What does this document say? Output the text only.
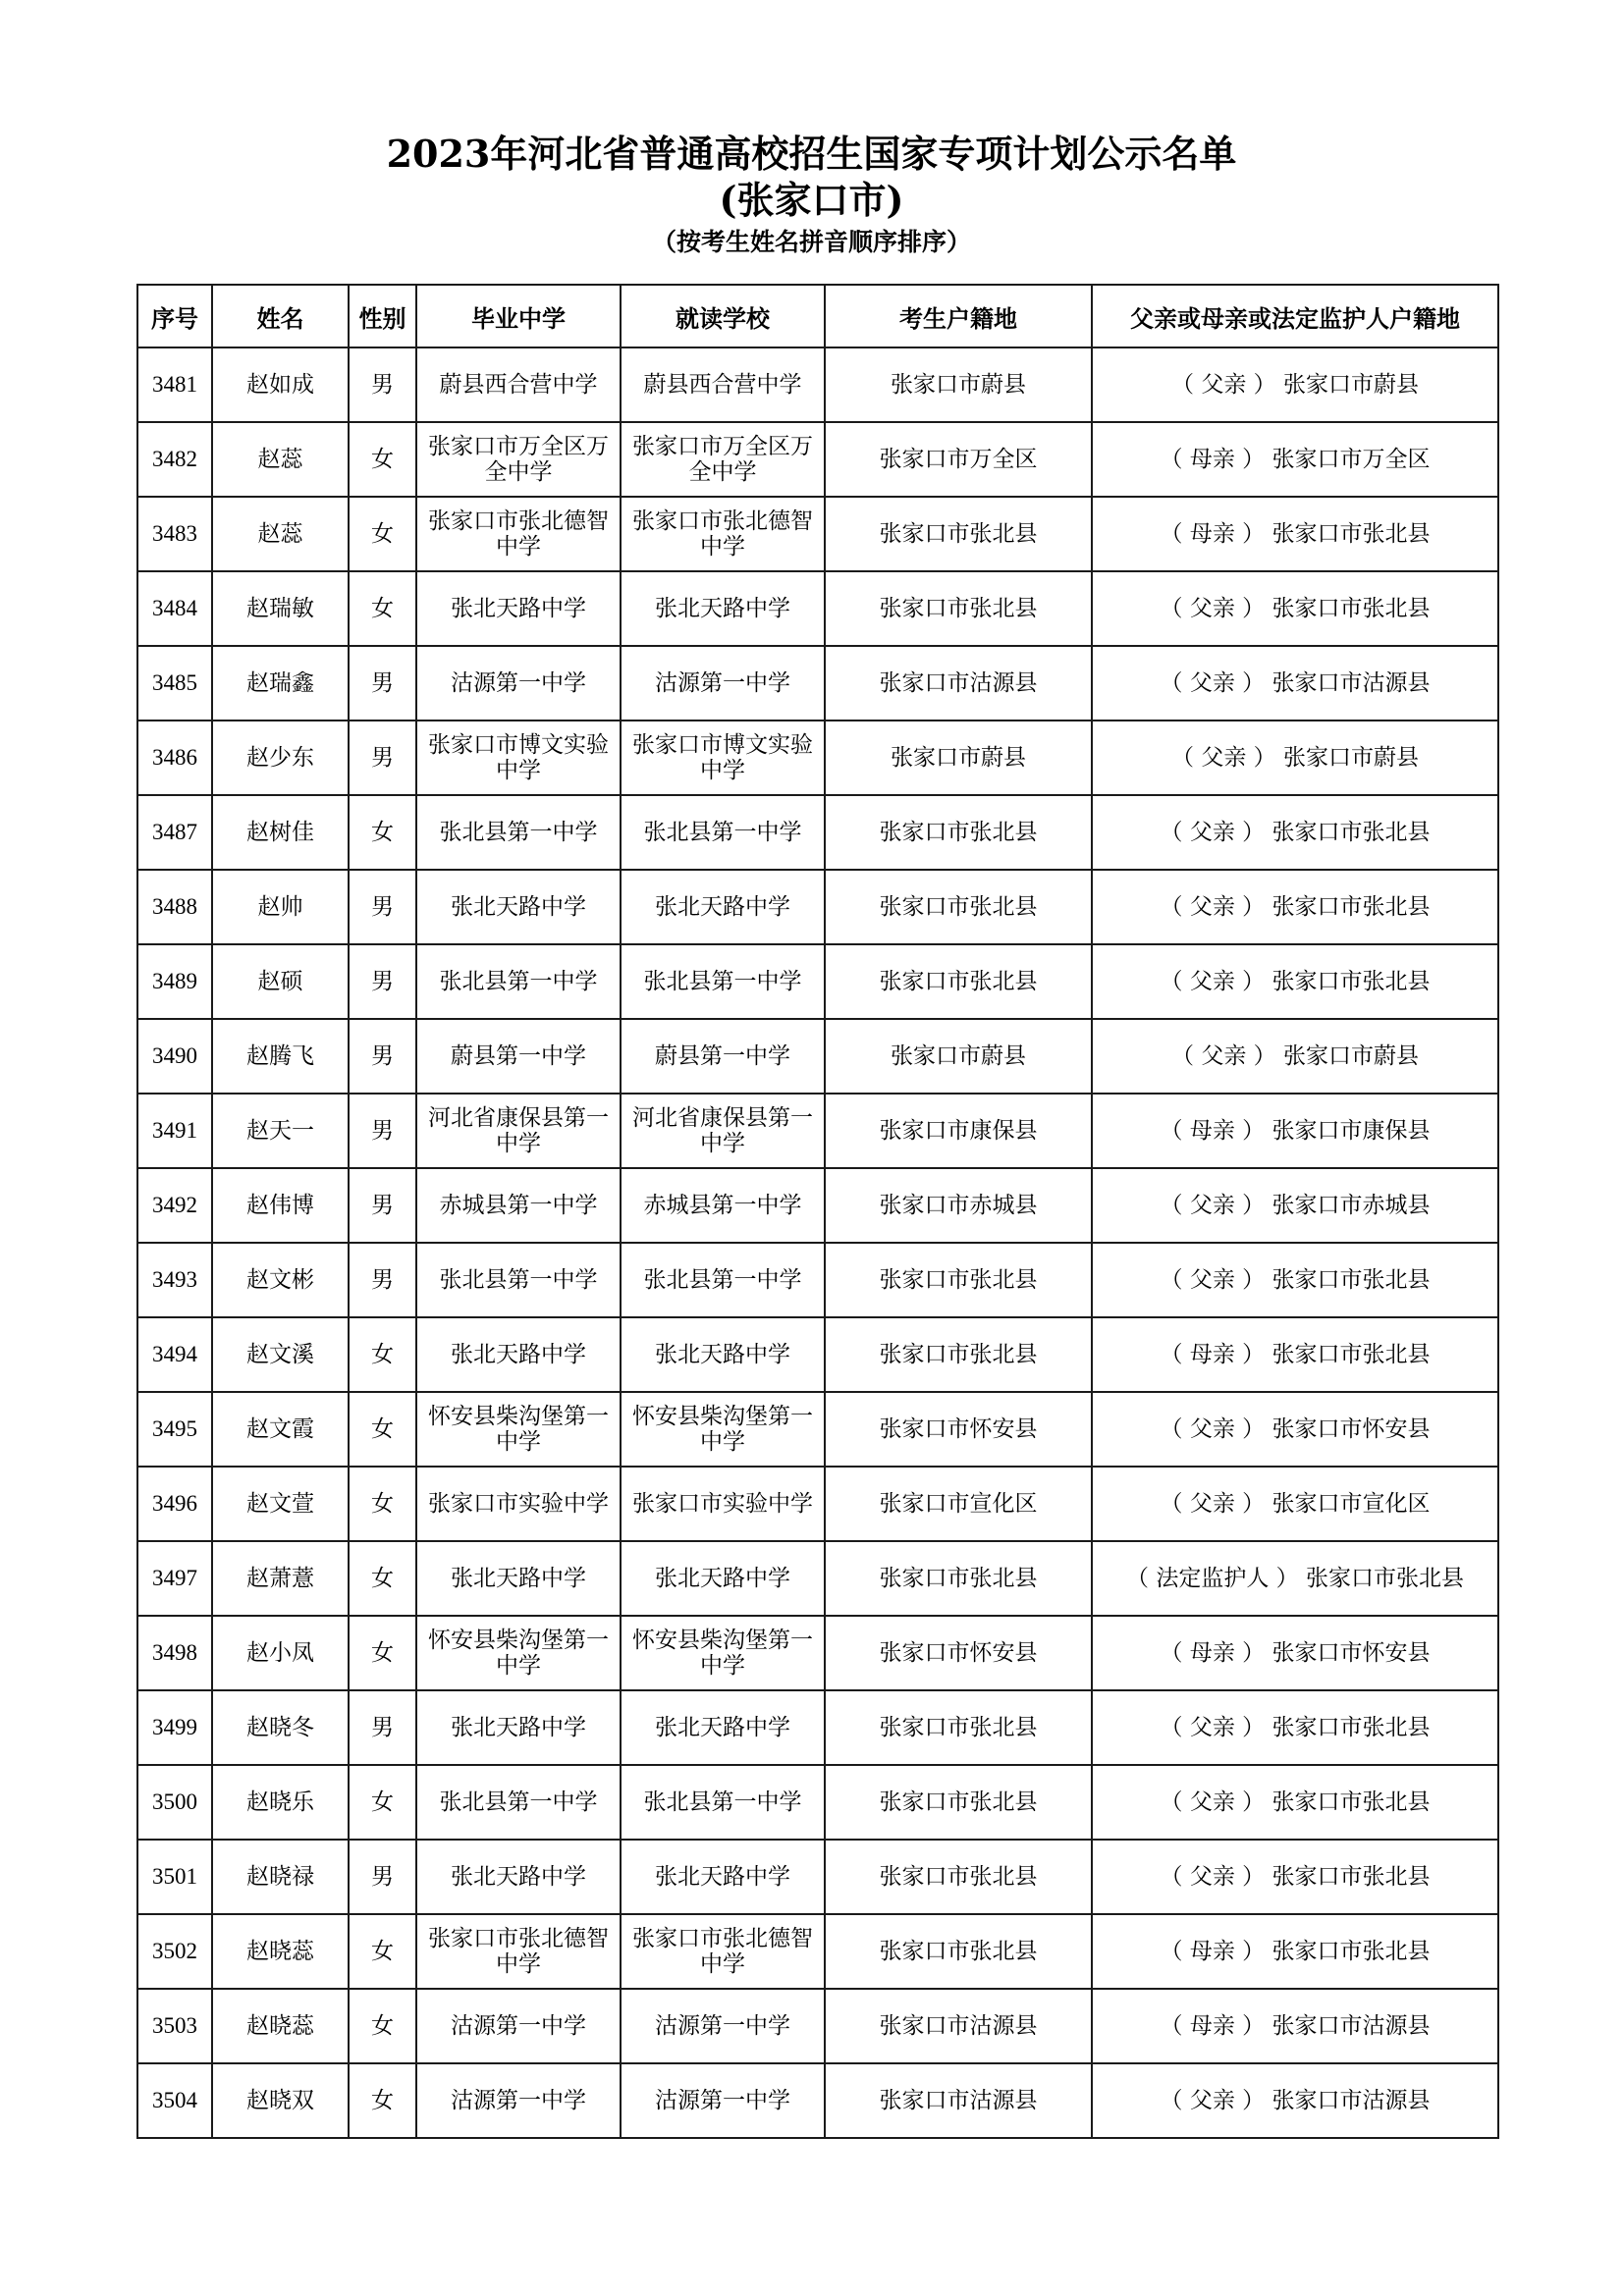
2023年河北省普通高校招生国家专项计划公示名单
(张家口市)
（按考生姓名拼音顺序排序）
序号	姓名	性别	毕业中学	就读学校	考生户籍地	父亲或母亲或法定监护人户籍地
3481	赵如成	男	蔚县西合营中学	蔚县西合营中学	张家口市蔚县	（ 父亲 ） 张家口市蔚县
3482	赵蕊	女	张家口市万全区万全中学	张家口市万全区万全中学	张家口市万全区	（ 母亲 ） 张家口市万全区
3483	赵蕊	女	张家口市张北德智中学	张家口市张北德智中学	张家口市张北县	（ 母亲 ） 张家口市张北县
3484	赵瑞敏	女	张北天路中学	张北天路中学	张家口市张北县	（ 父亲 ） 张家口市张北县
3485	赵瑞鑫	男	沽源第一中学	沽源第一中学	张家口市沽源县	（ 父亲 ） 张家口市沽源县
3486	赵少东	男	张家口市博文实验中学	张家口市博文实验中学	张家口市蔚县	（ 父亲 ） 张家口市蔚县
3487	赵树佳	女	张北县第一中学	张北县第一中学	张家口市张北县	（ 父亲 ） 张家口市张北县
3488	赵帅	男	张北天路中学	张北天路中学	张家口市张北县	（ 父亲 ） 张家口市张北县
3489	赵硕	男	张北县第一中学	张北县第一中学	张家口市张北县	（ 父亲 ） 张家口市张北县
3490	赵腾飞	男	蔚县第一中学	蔚县第一中学	张家口市蔚县	（ 父亲 ） 张家口市蔚县
3491	赵天一	男	河北省康保县第一中学	河北省康保县第一中学	张家口市康保县	（ 母亲 ） 张家口市康保县
3492	赵伟博	男	赤城县第一中学	赤城县第一中学	张家口市赤城县	（ 父亲 ） 张家口市赤城县
3493	赵文彬	男	张北县第一中学	张北县第一中学	张家口市张北县	（ 父亲 ） 张家口市张北县
3494	赵文溪	女	张北天路中学	张北天路中学	张家口市张北县	（ 母亲 ） 张家口市张北县
3495	赵文霞	女	怀安县柴沟堡第一中学	怀安县柴沟堡第一中学	张家口市怀安县	（ 父亲 ） 张家口市怀安县
3496	赵文萱	女	张家口市实验中学	张家口市实验中学	张家口市宣化区	（ 父亲 ） 张家口市宣化区
3497	赵萧薏	女	张北天路中学	张北天路中学	张家口市张北县	（ 法定监护人 ） 张家口市张北县
3498	赵小凤	女	怀安县柴沟堡第一中学	怀安县柴沟堡第一中学	张家口市怀安县	（ 母亲 ） 张家口市怀安县
3499	赵晓冬	男	张北天路中学	张北天路中学	张家口市张北县	（ 父亲 ） 张家口市张北县
3500	赵晓乐	女	张北县第一中学	张北县第一中学	张家口市张北县	（ 父亲 ） 张家口市张北县
3501	赵晓禄	男	张北天路中学	张北天路中学	张家口市张北县	（ 父亲 ） 张家口市张北县
3502	赵晓蕊	女	张家口市张北德智中学	张家口市张北德智中学	张家口市张北县	（ 母亲 ） 张家口市张北县
3503	赵晓蕊	女	沽源第一中学	沽源第一中学	张家口市沽源县	（ 母亲 ） 张家口市沽源县
3504	赵晓双	女	沽源第一中学	沽源第一中学	张家口市沽源县	（ 父亲 ） 张家口市沽源县
